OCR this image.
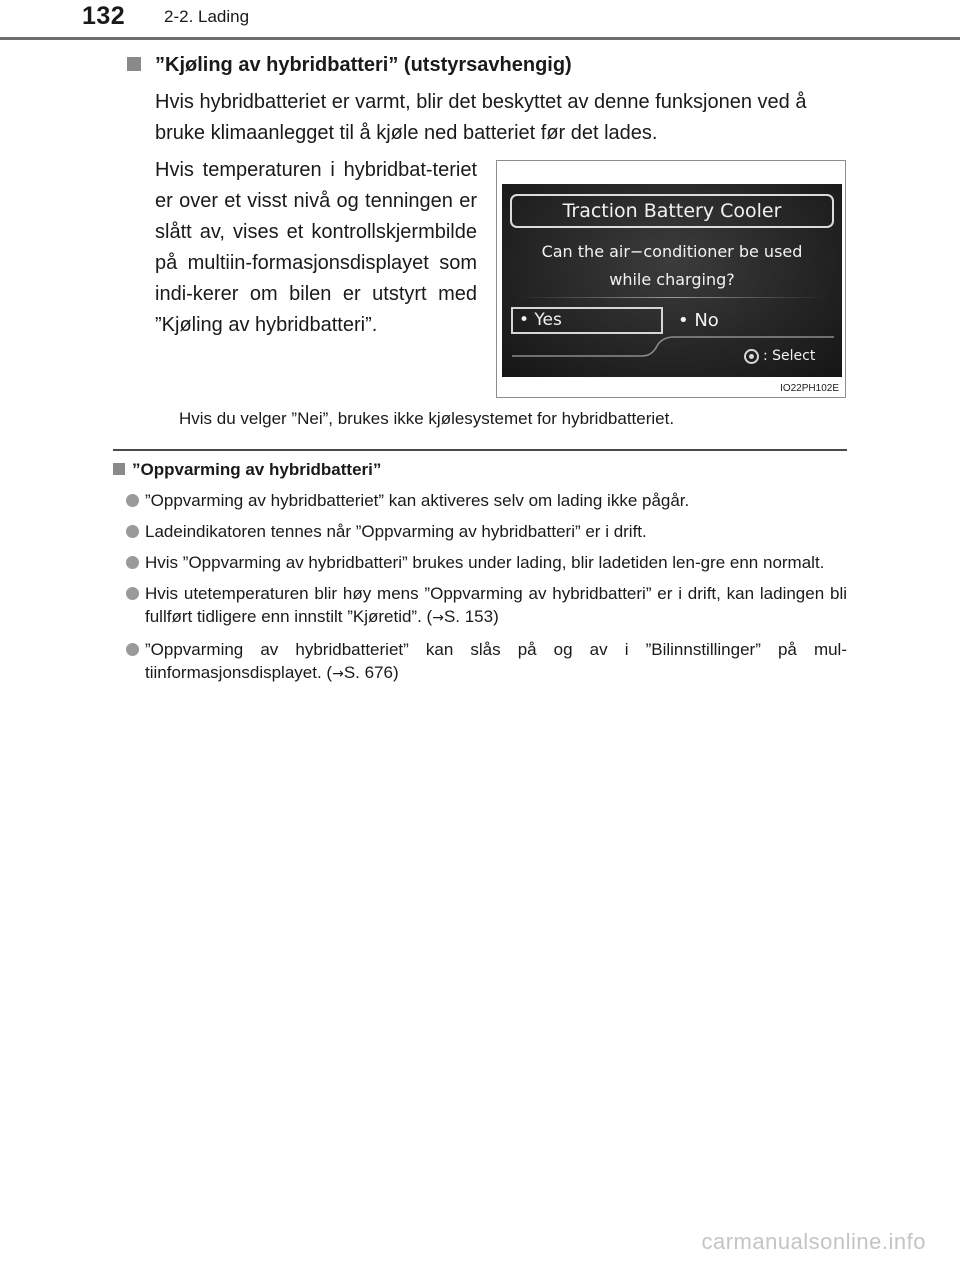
132 2-2. Lading
”Kjøling av hybridbatteri” (utstyrsavhengig)
Hvis hybridbatteriet er varmt, blir det beskyttet av denne funksjonen ved å bruke klimaanlegget til å kjøle ned batteriet før det lades.
Hvis temperaturen i hybridbat-teriet er over et visst nivå og tenningen er slått av, vises et kontrollskjermbilde på multiin-formasjonsdisplayet som indi-kerer om bilen er utstyrt med ”Kjøling av hybridbatteri”.
Traction Battery Cooler
Can the air−conditioner be used
while charging?
• Yes	• No
: Select
IO22PH102E
Hvis du velger ”Nei”, brukes ikke kjølesystemet for hybridbatteriet.
”Oppvarming av hybridbatteri”
”Oppvarming av hybridbatteriet” kan aktiveres selv om lading ikke pågår.
Ladeindikatoren tennes når ”Oppvarming av hybridbatteri” er i drift.
Hvis ”Oppvarming av hybridbatteri” brukes under lading, blir ladetiden len-gre enn normalt.
Hvis utetemperaturen blir høy mens ”Oppvarming av hybridbatteri” er i drift, kan ladingen bli fullført tidligere enn innstilt ”Kjøretid”. (→S. 153)
”Oppvarming av hybridbatteriet” kan slås på og av i ”Bilinnstillinger” på mul-tiinformasjonsdisplayet. (→S. 676)
carmanualsonline.info
